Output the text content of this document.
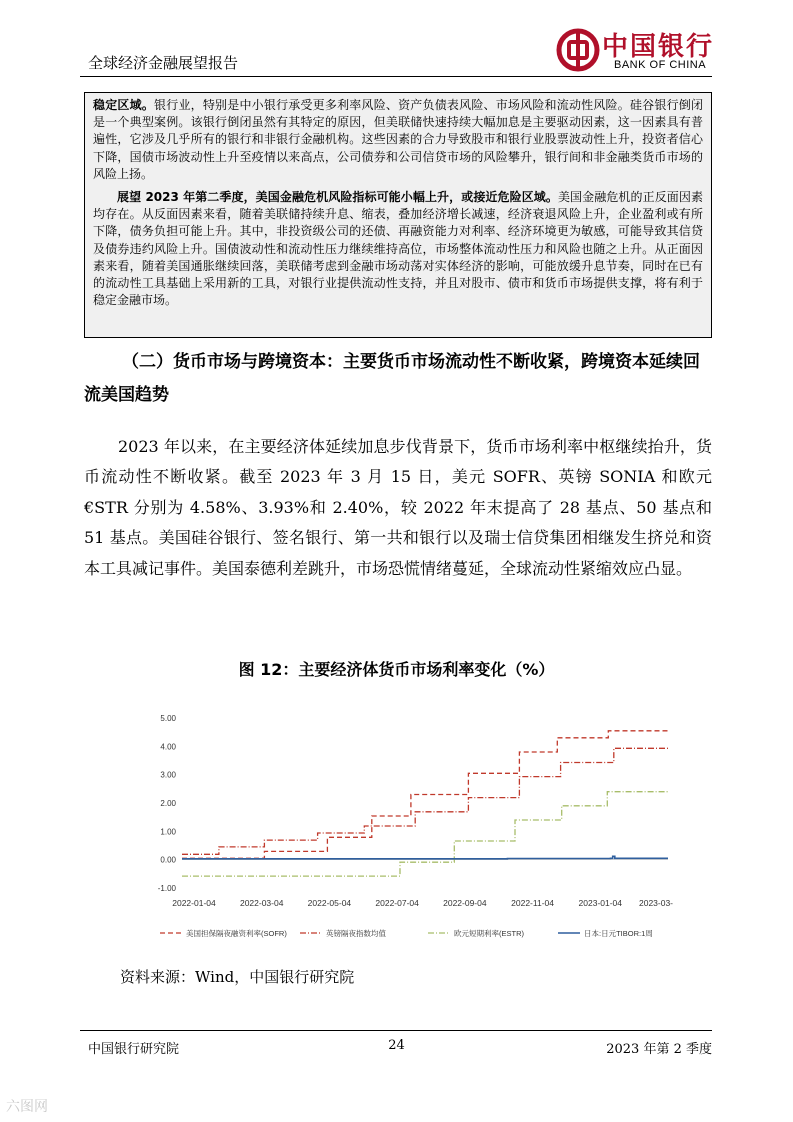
全球经济金融展望报告
中国银行
BANK OF CHINA

稳定区域。银行业，特别是中小银行承受更多利率风险、资产负债表风险、市场风险和流动性风险。硅谷银行倒闭是一个典型案例。该银行倒闭虽然有其特定的原因，但美联储快速持续大幅加息是主要驱动因素，这一因素具有普遍性，它涉及几乎所有的银行和非银行金融机构。这些因素的合力导致股市和银行业股票波动性上升，投资者信心下降，国债市场波动性上升至疫情以来高点，公司债券和公司信贷市场的风险攀升，银行间和非金融类货币市场的风险上扬。

展望 2023 年第二季度，美国金融危机风险指标可能小幅上升，或接近危险区域。美国金融危机的正反面因素均存在。从反面因素来看，随着美联储持续升息、缩表，叠加经济增长减速，经济衰退风险上升，企业盈利或有所下降，债务负担可能上升。其中，非投资级公司的还债、再融资能力对利率、经济环境更为敏感，可能导致其信贷及债券违约风险上升。国债波动性和流动性压力继续维持高位，市场整体流动性压力和风险也随之上升。从正面因素来看，随着美国通胀继续回落，美联储考虑到金融市场动荡对实体经济的影响，可能放缓升息节奏，同时在已有的流动性工具基础上采用新的工具，对银行业提供流动性支持，并且对股市、债市和货币市场提供支撑，将有利于稳定金融市场。

（二）货币市场与跨境资本：主要货币市场流动性不断收紧，跨境资本延续回流美国趋势
2023 年以来，在主要经济体延续加息步伐背景下，货币市场利率中枢继续抬升，货币流动性不断收紧。截至 2023 年 3 月 15 日，美元 SOFR、英镑 SONIA 和欧元€STR 分别为 4.58%、3.93%和 2.40%，较 2022 年末提高了 28 基点、50 基点和 51 基点。美国硅谷银行、签名银行、第一共和银行以及瑞士信贷集团相继发生挤兑和资本工具减记事件。美国泰德利差跳升，市场恐慌情绪蔓延，全球流动性紧缩效应凸显。
图 12：主要经济体货币市场利率变化（%）
5.00
4.00
3.00
2.00
1.00
0.00
-1.00
2022-01-04	2022-03-04	2022-05-04	2022-07-04	2022-09-04	2022-11-04	2023-01-04 2023-03-
美国担保隔夜融资利率(SOFR)	英镑隔夜指数均值	欧元短期利率(ESTR)	日本:日元TIBOR:1周
资料来源：Wind，中国银行研究院
中国银行研究院	24	2023 年第 2 季度
六图网
